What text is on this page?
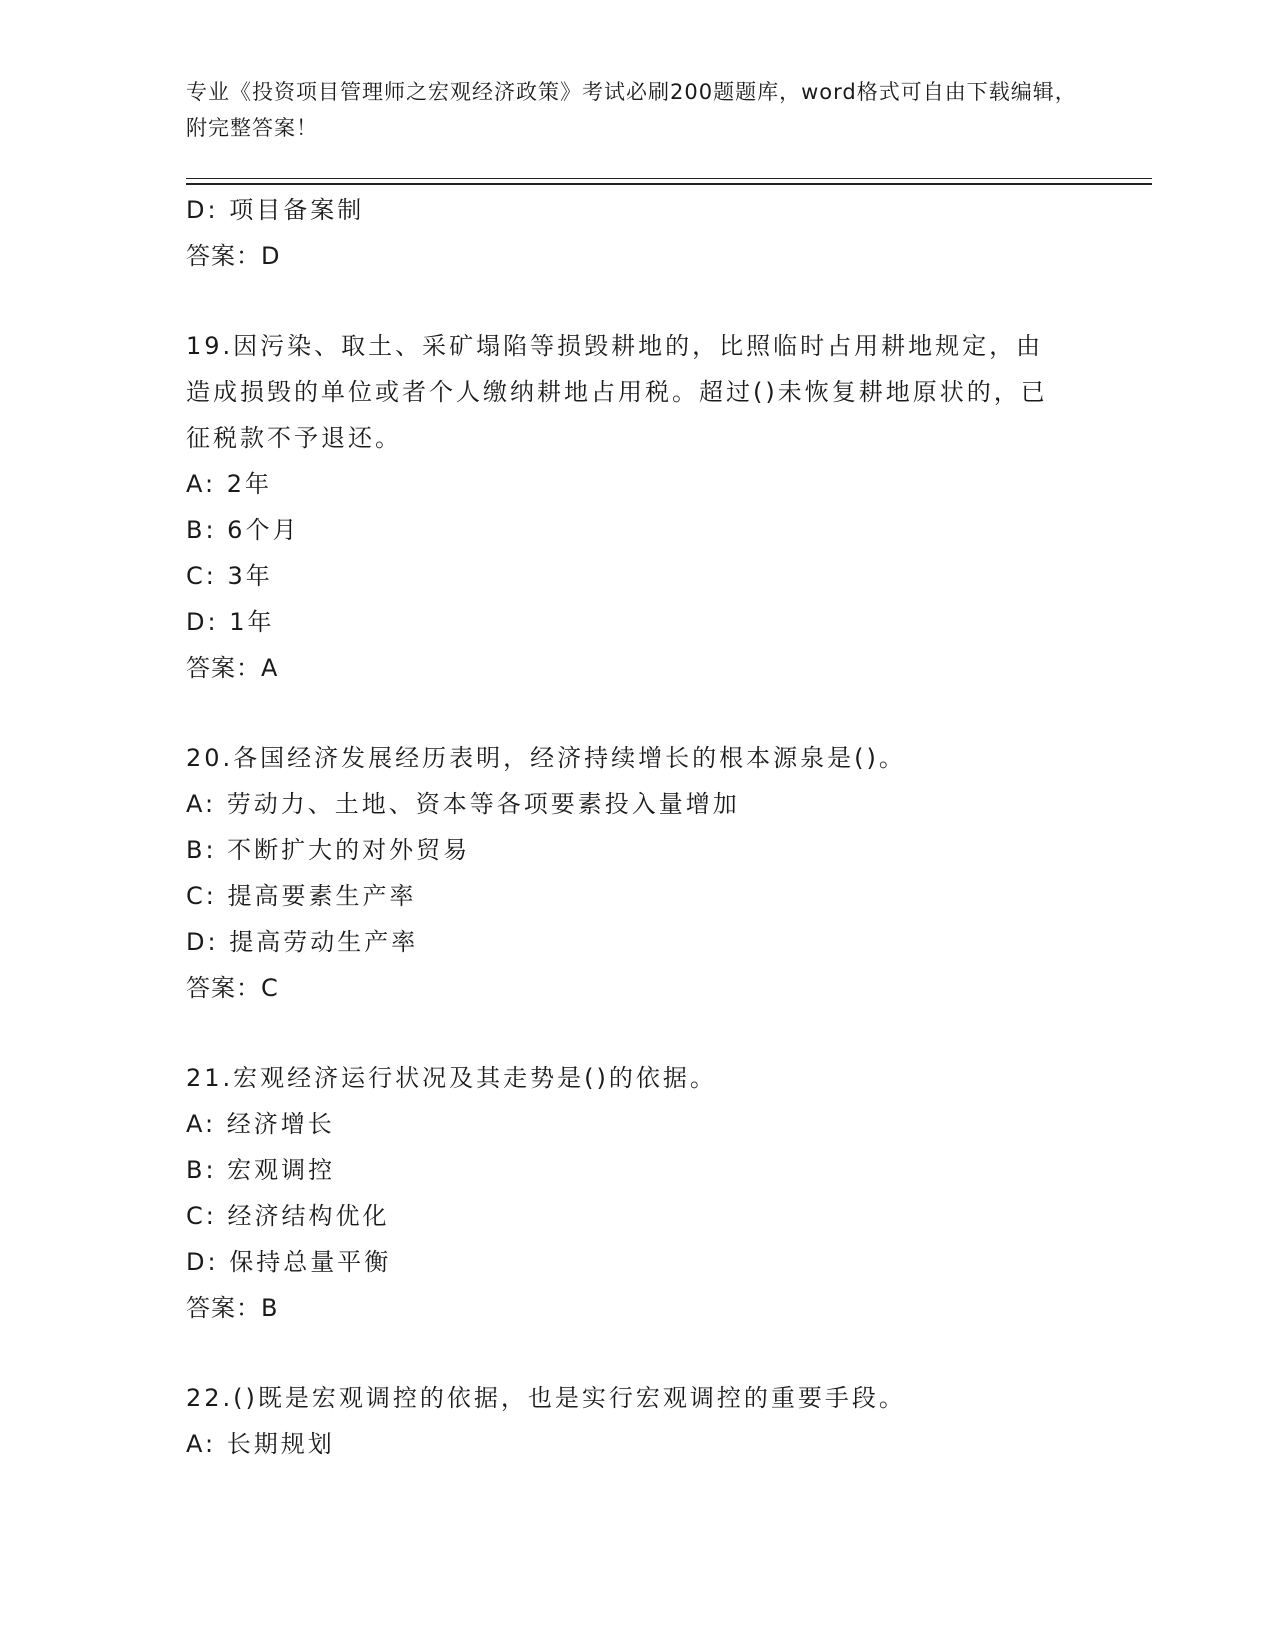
专业《投资项目管理师之宏观经济政策》考试必刷200题题库，word格式可自由下载编辑，附完整答案！
D: 项目备案制
答案：D
19.因污染、取土、采矿塌陷等损毁耕地的，比照临时占用耕地规定，由造成损毁的单位或者个人缴纳耕地占用税。超过()未恢复耕地原状的，已征税款不予退还。
A: 2年
B: 6个月
C: 3年
D: 1年
答案：A
20.各国经济发展经历表明，经济持续增长的根本源泉是()。
A: 劳动力、土地、资本等各项要素投入量增加
B: 不断扩大的对外贸易
C: 提高要素生产率
D: 提高劳动生产率
答案：C
21.宏观经济运行状况及其走势是()的依据。
A: 经济增长
B: 宏观调控
C: 经济结构优化
D: 保持总量平衡
答案：B
22.()既是宏观调控的依据，也是实行宏观调控的重要手段。
A: 长期规划
